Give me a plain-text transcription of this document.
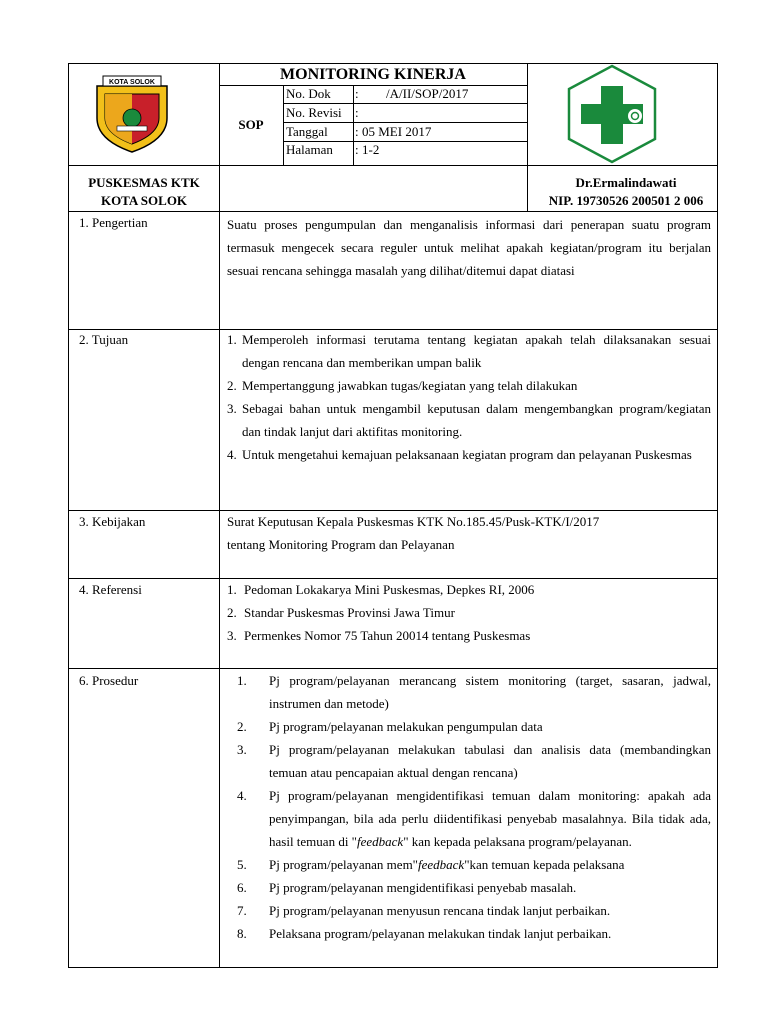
KOTA SOLOK	MONITORING KINERJA
SOP
No. Dok : /A/II/SOP/2017
No. Revisi :
Tanggal : 05 MEI 2017
Halaman : 1-2
PUSKESMAS KTK
KOTA SOLOK
Dr.Ermalindawati
NIP. 19730526 200501 2 006
1. Pengertian	Suatu proses pengumpulan dan menganalisis informasi dari penerapan suatu program termasuk mengecek secara reguler untuk melihat apakah kegiatan/program itu berjalan sesuai rencana sehingga masalah yang dilihat/ditemui dapat diatasi
2. Tujuan	1. Memperoleh informasi terutama tentang kegiatan apakah telah dilaksanakan sesuai dengan rencana dan memberikan umpan balik
2. Mempertanggung jawabkan tugas/kegiatan yang telah dilakukan
3. Sebagai bahan untuk mengambil keputusan dalam mengembangkan program/kegiatan dan tindak lanjut dari aktifitas monitoring.
4. Untuk mengetahui kemajuan pelaksanaan kegiatan program dan pelayanan Puskesmas
3. Kebijakan	Surat Keputusan Kepala Puskesmas KTK No.185.45/Pusk-KTK/I/2017
tentang Monitoring Program dan Pelayanan
4. Referensi	1. Pedoman Lokakarya Mini Puskesmas, Depkes RI, 2006
2. Standar Puskesmas Provinsi Jawa Timur
3. Permenkes Nomor 75 Tahun 20014 tentang Puskesmas
6. Prosedur	1. Pj program/pelayanan merancang sistem monitoring (target, sasaran, jadwal, instrumen dan metode)
2. Pj program/pelayanan melakukan pengumpulan data
3. Pj program/pelayanan melakukan tabulasi dan analisis data (membandingkan temuan atau pencapaian aktual dengan rencana)
4. Pj program/pelayanan mengidentifikasi temuan dalam monitoring: apakah ada penyimpangan, bila ada perlu diidentifikasi penyebab masalahnya. Bila tidak ada, hasil temuan di "feedback" kan kepada pelaksana program/pelayanan.
5. Pj program/pelayanan mem"feedback"kan temuan kepada pelaksana
6. Pj program/pelayanan mengidentifikasi penyebab masalah.
7. Pj program/pelayanan menyusun rencana tindak lanjut perbaikan.
8. Pelaksana program/pelayanan melakukan tindak lanjut perbaikan.
